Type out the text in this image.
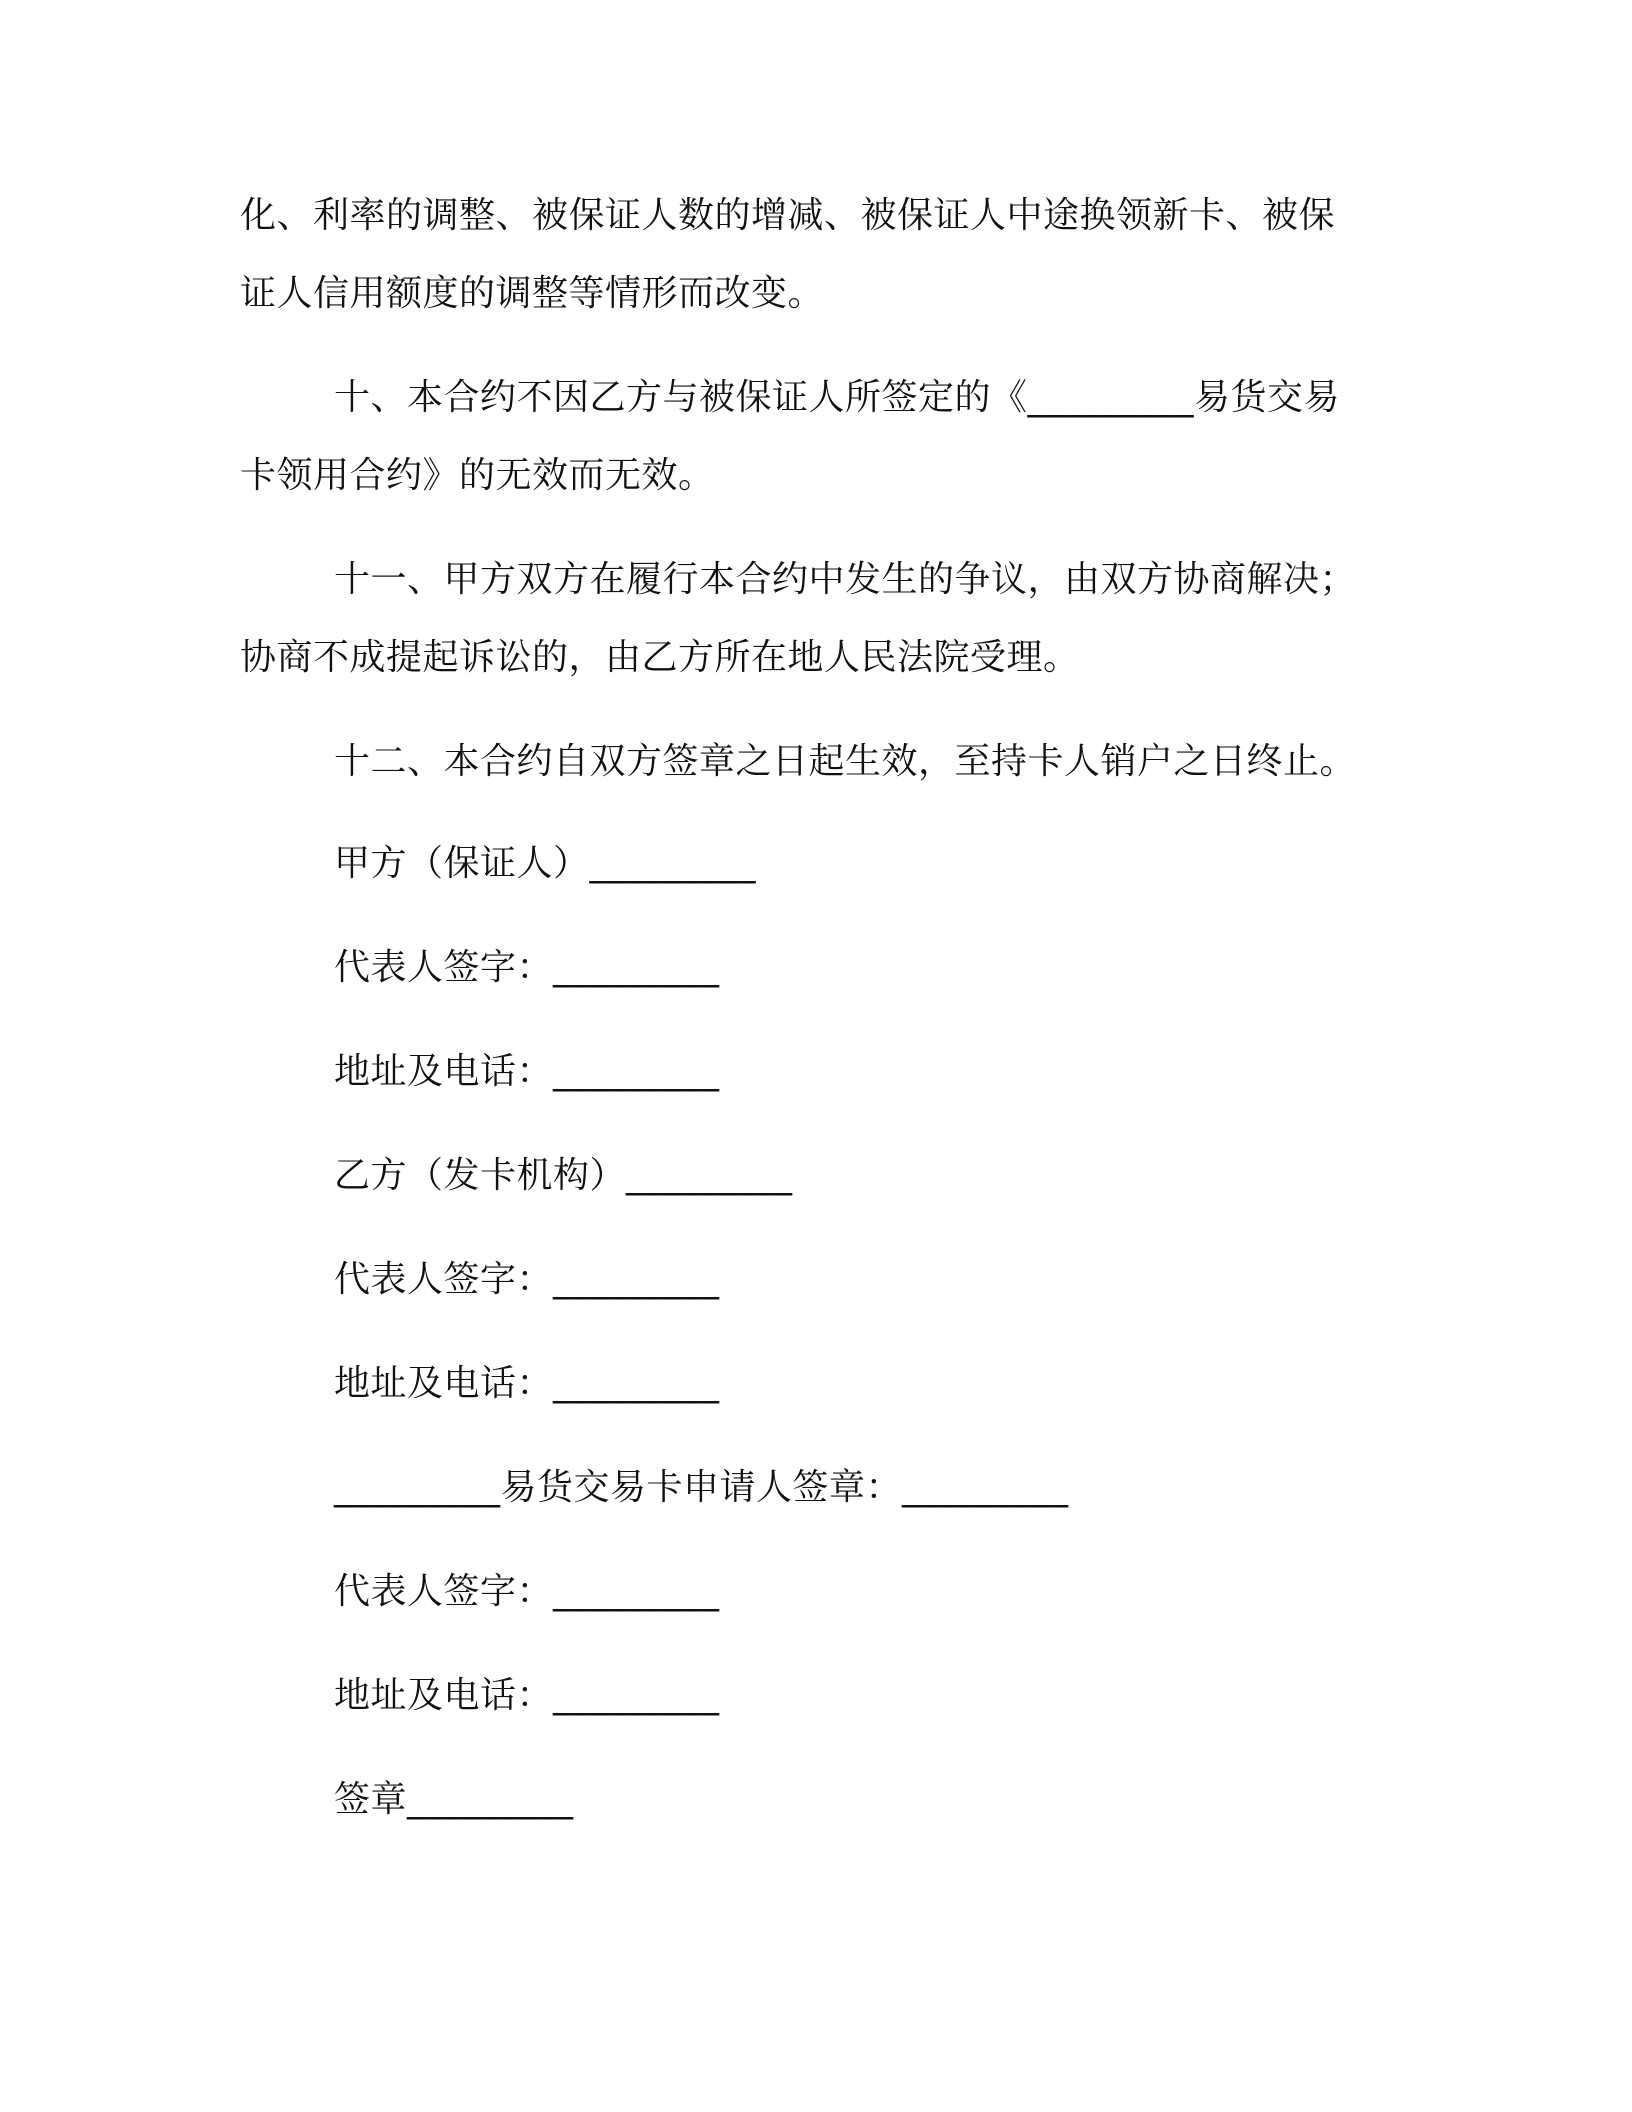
化、利率的调整、被保证人数的增减、被保证人中途换领新卡、被保
证人信用额度的调整等情形而改变。
十、本合约不因乙方与被保证人所签定的《_________易货交易
卡领用合约》的无效而无效。
十一、甲方双方在履行本合约中发生的争议，由双方协商解决；
协商不成提起诉讼的，由乙方所在地人民法院受理。
十二、本合约自双方签章之日起生效，至持卡人销户之日终止。
甲方（保证人）_________
代表人签字：_________
地址及电话：_________
乙方（发卡机构）_________
代表人签字：_________
地址及电话：_________
_________易货交易卡申请人签章：_________
代表人签字：_________
地址及电话：_________
签章_________
